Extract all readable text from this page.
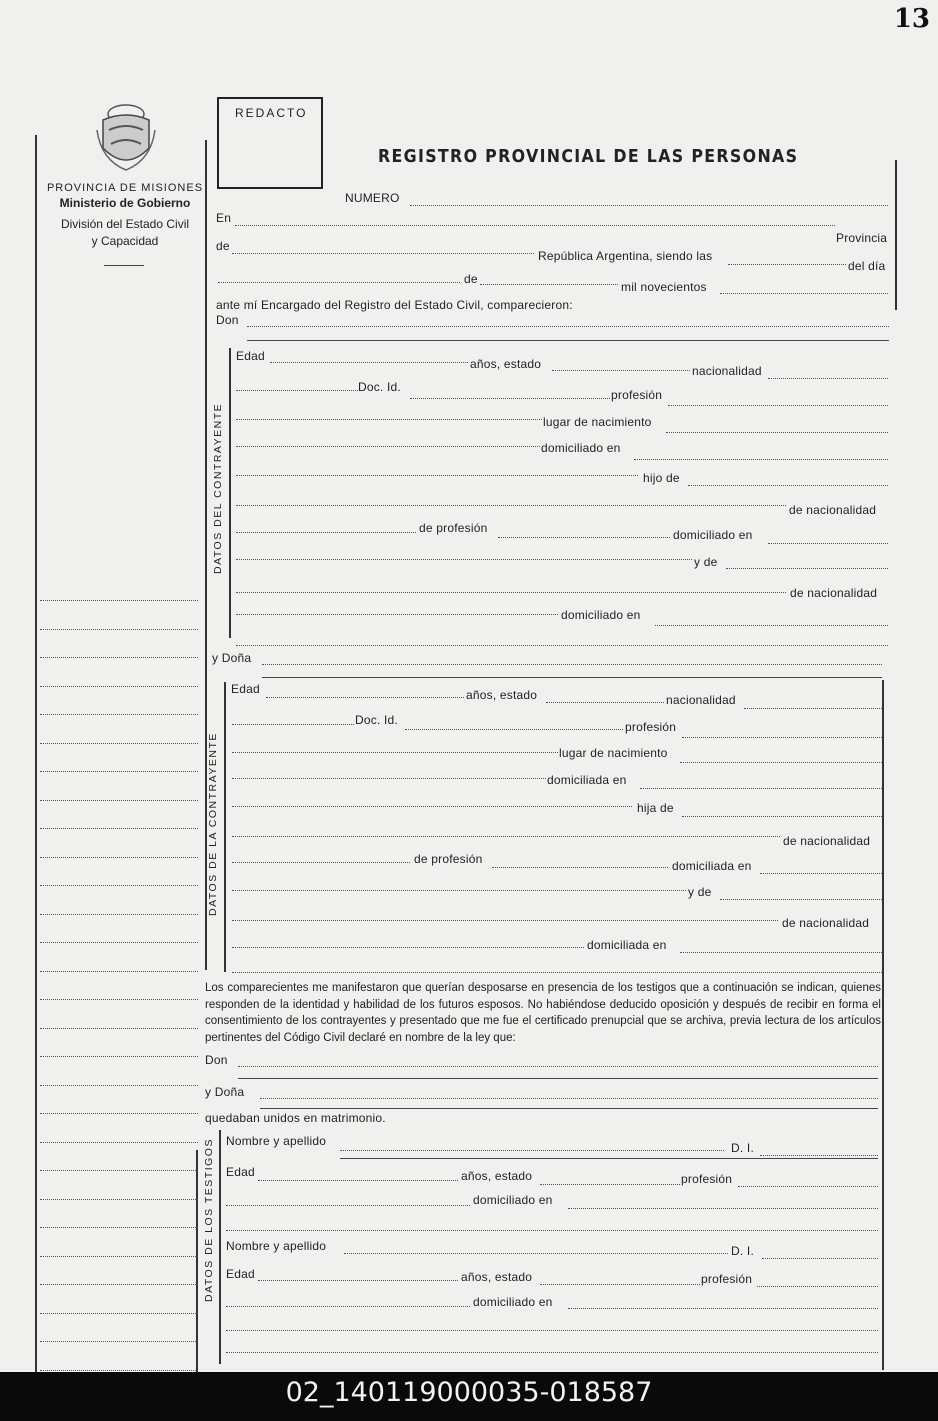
13
PROVINCIA DE MISIONES
Ministerio de Gobierno
División del Estado Civil
y Capacidad
REDACTO
REGISTRO PROVINCIAL DE LAS PERSONAS
NUMERO
En
Provincia
de
República Argentina, siendo las
del día
de
mil novecientos
ante mí Encargado del Registro del Estado Civil, comparecieron:
Don
DATOS DEL CONTRAYENTE
Edad
años, estado	nacionalidad
Doc. Id.
profesión
lugar de nacimiento
domiciliado en
hijo de
de nacionalidad
de profesión	domiciliado en
y de
de nacionalidad
domiciliado en
y Doña
DATOS DE LA CONTRAYENTE
Edad	años, estado	nacionalidad
Doc. Id.	profesión
lugar de nacimiento
domiciliada en
hija de
de nacionalidad
de profesión	domiciliada en
y de
de nacionalidad
domiciliada en
Los comparecientes me manifestaron que querían desposarse en presencia de los testigos que a continuación se indican, quienes responden de la identidad y habilidad de los futuros esposos. No habiéndose deducido oposición y después de recibir en forma el consentimiento de los contrayentes y presentado que me fue el certificado prenupcial que se archiva, previa lectura de los artículos pertinentes del Código Civil declaré en nombre de la ley que:
Don
y Doña
quedaban unidos en matrimonio.
DATOS DE LOS TESTIGOS Nombre y apellido	D. I.
Edad	años, estado	profesión
domiciliado en
Nombre y apellido	D. I.
Edad	años, estado	profesión
domiciliado en
02_140119000035-018587
